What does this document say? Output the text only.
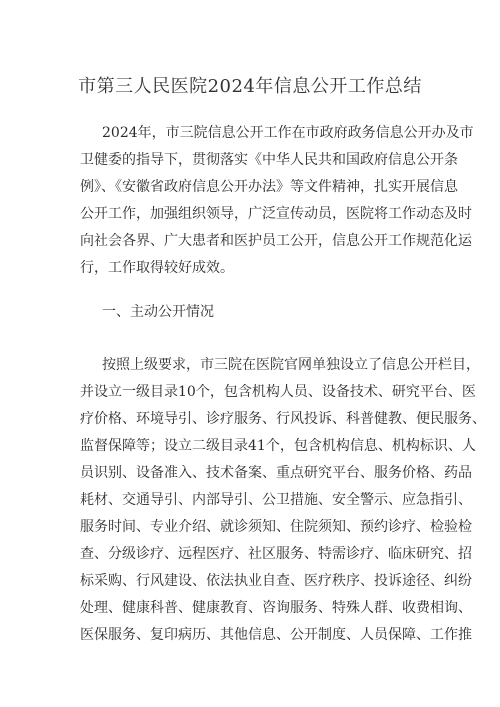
市第三人民医院2024年信息公开工作总结
2024年，市三院信息公开工作在市政府政务信息公开办及市
卫健委的指导下，贯彻落实《中华人民共和国政府信息公开条
例》、《安徽省政府信息公开办法》等文件精神，扎实开展信息
公开工作，加强组织领导，广泛宣传动员，医院将工作动态及时
向社会各界、广大患者和医护员工公开，信息公开工作规范化运
行，工作取得较好成效。
一、主动公开情况
按照上级要求，市三院在医院官网单独设立了信息公开栏目，
并设立一级目录10个，包含机构人员、设备技术、研究平台、医
疗价格、环境导引、诊疗服务、行风投诉、科普健教、便民服务、
监督保障等；设立二级目录41个，包含机构信息、机构标识、人
员识别、设备准入、技术备案、重点研究平台、服务价格、药品
耗材、交通导引、内部导引、公卫措施、安全警示、应急指引、
服务时间、专业介绍、就诊须知、住院须知、预约诊疗、检验检
查、分级诊疗、远程医疗、社区服务、特需诊疗、临床研究、招
标采购、行风建设、依法执业自查、医疗秩序、投诉途径、纠纷
处理、健康科普、健康教育、咨询服务、特殊人群、收费相询、
医保服务、复印病历、其他信息、公开制度、人员保障、工作推
